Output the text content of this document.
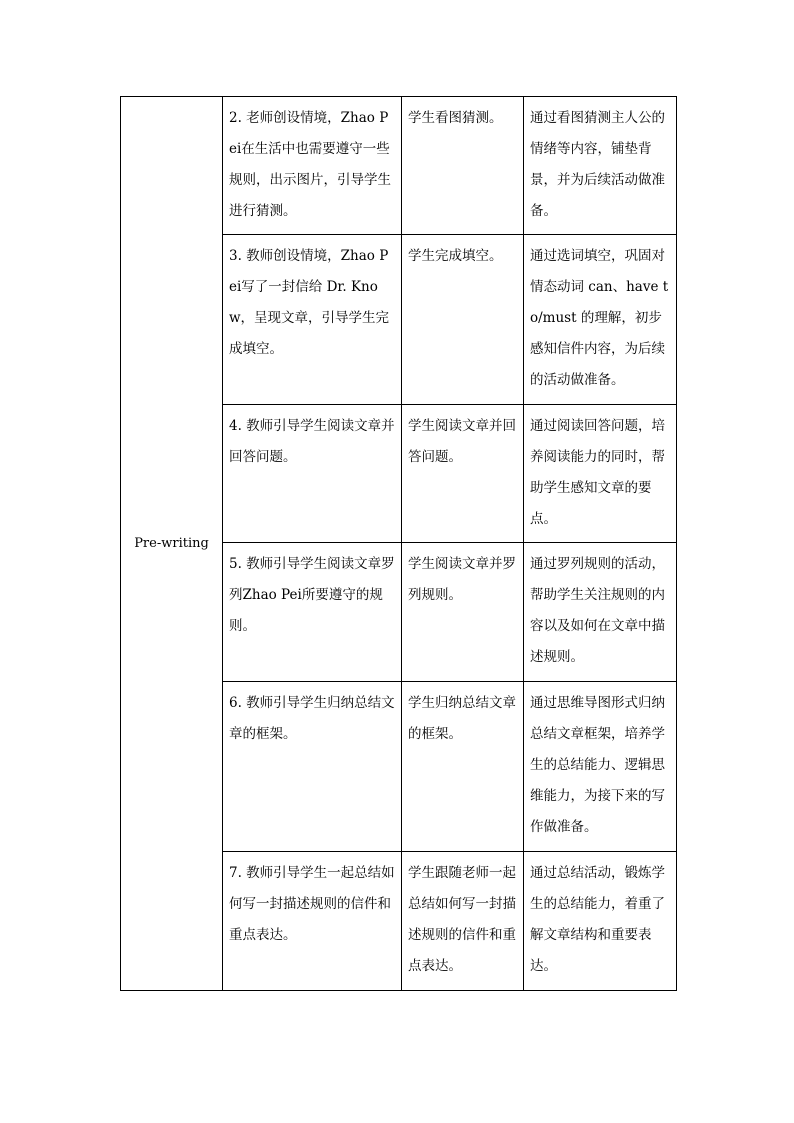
Pre-writing	2. 老师创设情境，Zhao Pei在生活中也需要遵守一些规则，出示图片，引导学生进行猜测。	学生看图猜测。	通过看图猜测主人公的情绪等内容，铺垫背景，并为后续活动做准备。
	3. 教师创设情境，Zhao Pei写了一封信给 Dr. Know，呈现文章，引导学生完成填空。	学生完成填空。	通过选词填空，巩固对情态动词 can、have to/must 的理解，初步感知信件内容，为后续的活动做准备。
	4. 教师引导学生阅读文章并回答问题。	学生阅读文章并回答问题。	通过阅读回答问题，培养阅读能力的同时，帮助学生感知文章的要点。
	5. 教师引导学生阅读文章罗列Zhao Pei所要遵守的规则。	学生阅读文章并罗列规则。	通过罗列规则的活动，帮助学生关注规则的内容以及如何在文章中描述规则。
	6. 教师引导学生归纳总结文章的框架。	学生归纳总结文章的框架。	通过思维导图形式归纳总结文章框架，培养学生的总结能力、逻辑思维能力，为接下来的写作做准备。
	7. 教师引导学生一起总结如何写一封描述规则的信件和重点表达。	学生跟随老师一起总结如何写一封描述规则的信件和重点表达。	通过总结活动，锻炼学生的总结能力，着重了解文章结构和重要表达。
